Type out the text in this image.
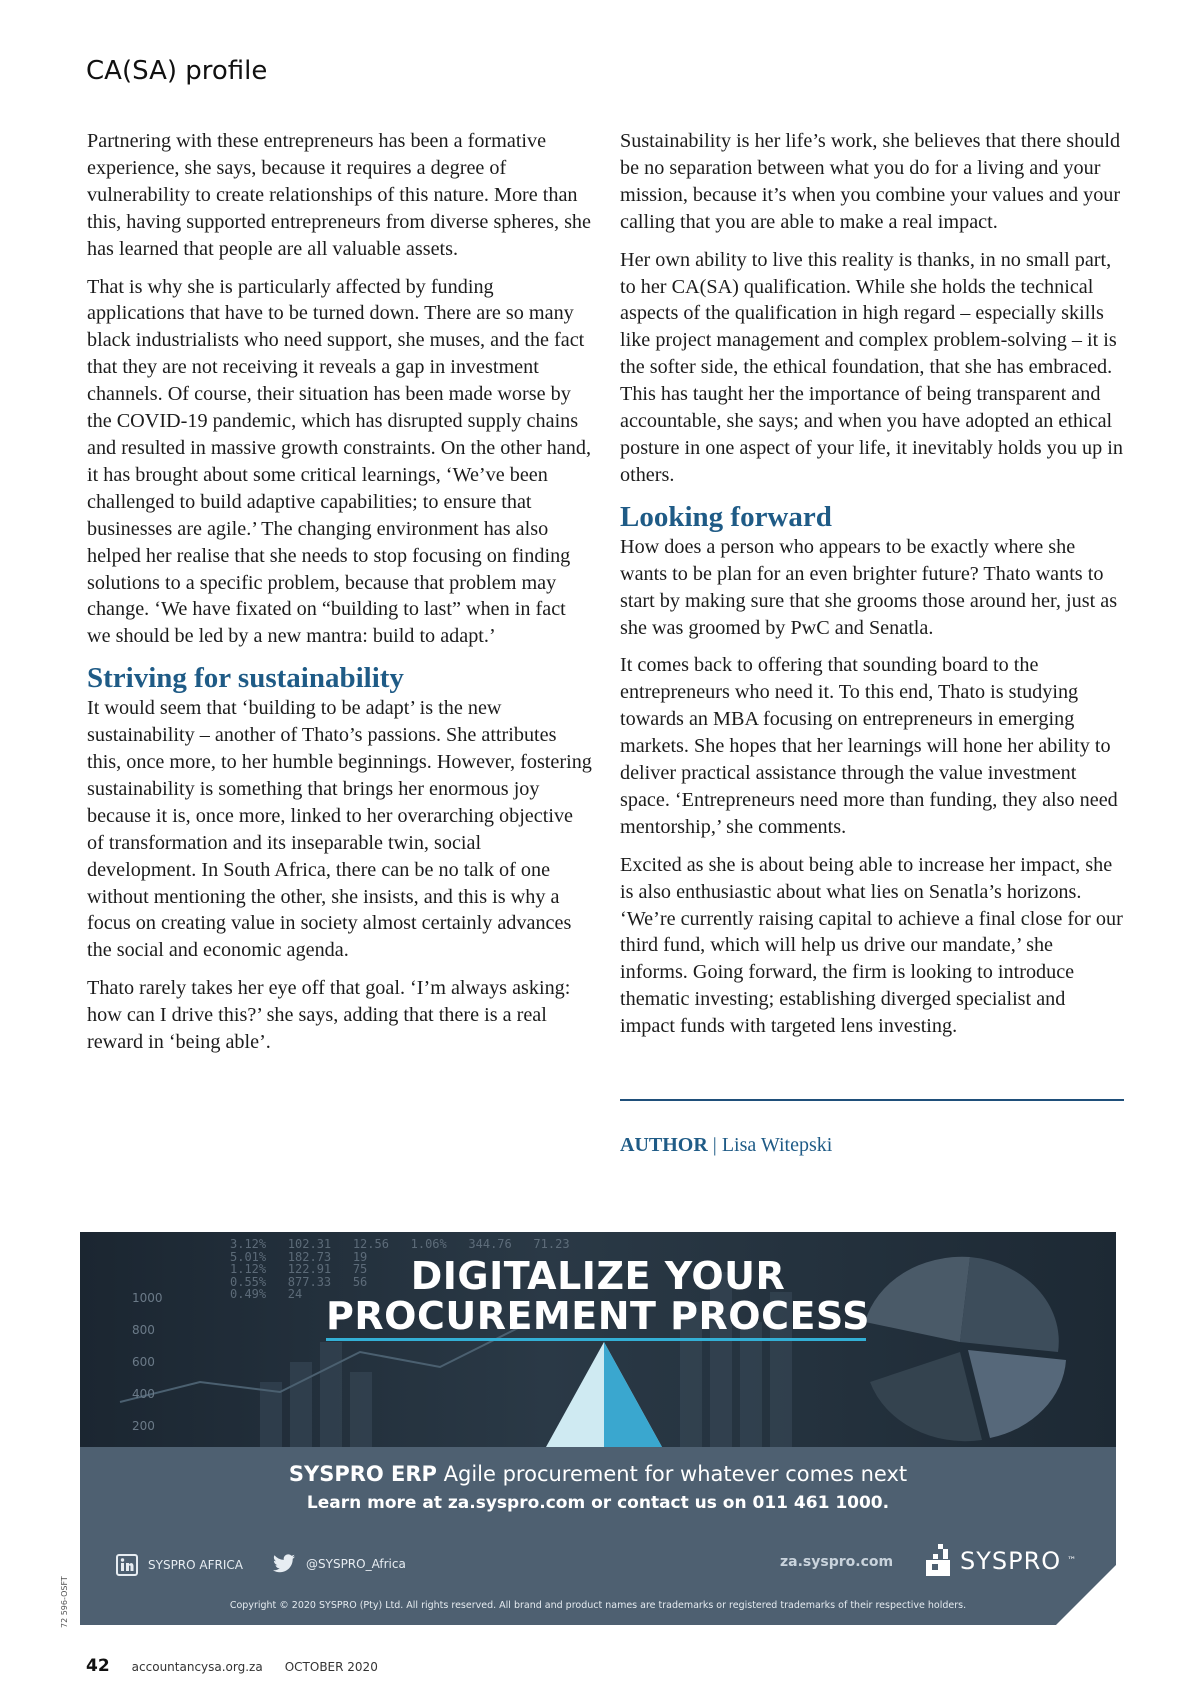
CA(SA) profile

Partnering with these entrepreneurs has been a formative experience, she says, because it requires a degree of vulnerability to create relationships of this nature. More than this, having supported entrepreneurs from diverse spheres, she has learned that people are all valuable assets.

That is why she is particularly affected by funding applications that have to be turned down. There are so many black industrialists who need support, she muses, and the fact that they are not receiving it reveals a gap in investment channels. Of course, their situation has been made worse by the COVID-19 pandemic, which has disrupted supply chains and resulted in massive growth constraints. On the other hand, it has brought about some critical learnings, ‘We’ve been challenged to build adaptive capabilities; to ensure that businesses are agile.’ The changing environment has also helped her realise that she needs to stop focusing on finding solutions to a specific problem, because that problem may change. ‘We have fixated on “building to last” when in fact we should be led by a new mantra: build to adapt.’

Striving for sustainability

It would seem that ‘building to be adapt’ is the new sustainability – another of Thato’s passions. She attributes this, once more, to her humble beginnings. However, fostering sustainability is something that brings her enormous joy because it is, once more, linked to her overarching objective of transformation and its inseparable twin, social development. In South Africa, there can be no talk of one without mentioning the other, she insists, and this is why a focus on creating value in society almost certainly advances the social and economic agenda.

Thato rarely takes her eye off that goal. ‘I’m always asking: how can I drive this?’ she says, adding that there is a real reward in ‘being able’.

Sustainability is her life’s work, she believes that there should be no separation between what you do for a living and your mission, because it’s when you combine your values and your calling that you are able to make a real impact.

Her own ability to live this reality is thanks, in no small part, to her CA(SA) qualification. While she holds the technical aspects of the qualification in high regard – especially skills like project management and complex problem-solving – it is the softer side, the ethical foundation, that she has embraced. This has taught her the importance of being transparent and accountable, she says; and when you have adopted an ethical posture in one aspect of your life, it inevitably holds you up in others.

Looking forward

How does a person who appears to be exactly where she wants to be plan for an even brighter future? Thato wants to start by making sure that she grooms those around her, just as she was groomed by PwC and Senatla.

It comes back to offering that sounding board to the entrepreneurs who need it. To this end, Thato is studying towards an MBA focusing on entrepreneurs in emerging markets. She hopes that her learnings will hone her ability to deliver practical assistance through the value investment space. ‘Entrepreneurs need more than funding, they also need mentorship,’ she comments.

Excited as she is about being able to increase her impact, she is also enthusiastic about what lies on Senatla’s horizons. ‘We’re currently raising capital to achieve a final close for our third fund, which will help us drive our mandate,’ she informs. Going forward, the firm is looking to introduce thematic investing; establishing diverged specialist and impact funds with targeted lens investing.

AUTHOR | Lisa Witepski
3.12%   102.31   12.56   1.06%   344.76   71.23
5.01%   182.73   19
1.12%   122.91   75
0.55%   877.33   56
0.49%   24
1000
800
600
400
200
DIGITALIZE YOUR
PROCUREMENT PROCESS
SYSPRO ERP Agile procurement for whatever comes next
Learn more at za.syspro.com or contact us on 011 461 1000.
SYSPRO AFRICA	@SYSPRO_Africa	za.syspro.com	SYSPRO ™
Copyright © 2020 SYSPRO (Pty) Ltd. All rights reserved. All brand and product names are trademarks or registered trademarks of their respective holders.
72 596-OSFT
42 accountancysa.org.za OCTOBER 2020
